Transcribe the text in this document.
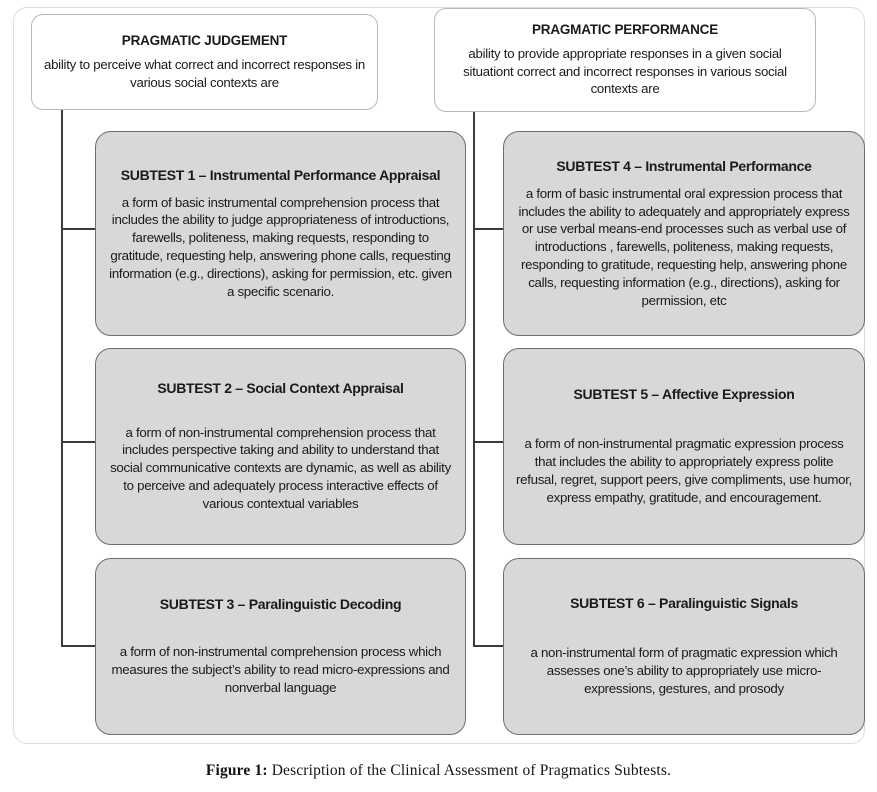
PRAGMATIC JUDGEMENT
ability to perceive what correct and incorrect responses in various social contexts are
PRAGMATIC PERFORMANCE
ability to provide appropriate responses in a given social situationt correct and incorrect responses in various social contexts are
SUBTEST 1 – Instrumental Performance Appraisal
a form of basic instrumental comprehension process that includes the ability to judge appropriateness of introductions, farewells, politeness, making requests, responding to gratitude, requesting help, answering phone calls, requesting information (e.g., directions), asking for permission, etc. given a specific scenario.
SUBTEST 2 – Social Context Appraisal
a form of non-instrumental comprehension process that includes perspective taking and ability to understand that social communicative contexts are dynamic, as well as ability to perceive and adequately process interactive effects of various contextual variables
SUBTEST 3 – Paralinguistic Decoding
a form of non-instrumental comprehension process which measures the subject’s ability to read micro-expressions and nonverbal language
SUBTEST 4 – Instrumental Performance
a form of basic instrumental oral expression process that includes the ability to adequately and appropriately express or use verbal means-end processes such as verbal use of introductions , farewells, politeness, making requests, responding to gratitude, requesting help, answering phone calls, requesting information (e.g., directions), asking for permission, etc
SUBTEST 5 – Affective Expression
a form of non-instrumental pragmatic expression process that includes the ability to appropriately express polite refusal, regret, support peers, give compliments, use humor, express empathy, gratitude, and encouragement.
SUBTEST 6 – Paralinguistic Signals
a non-instrumental form of pragmatic expression which assesses one’s ability to appropriately use micro-expressions, gestures, and prosody
Figure 1: Description of the Clinical Assessment of Pragmatics Subtests.
